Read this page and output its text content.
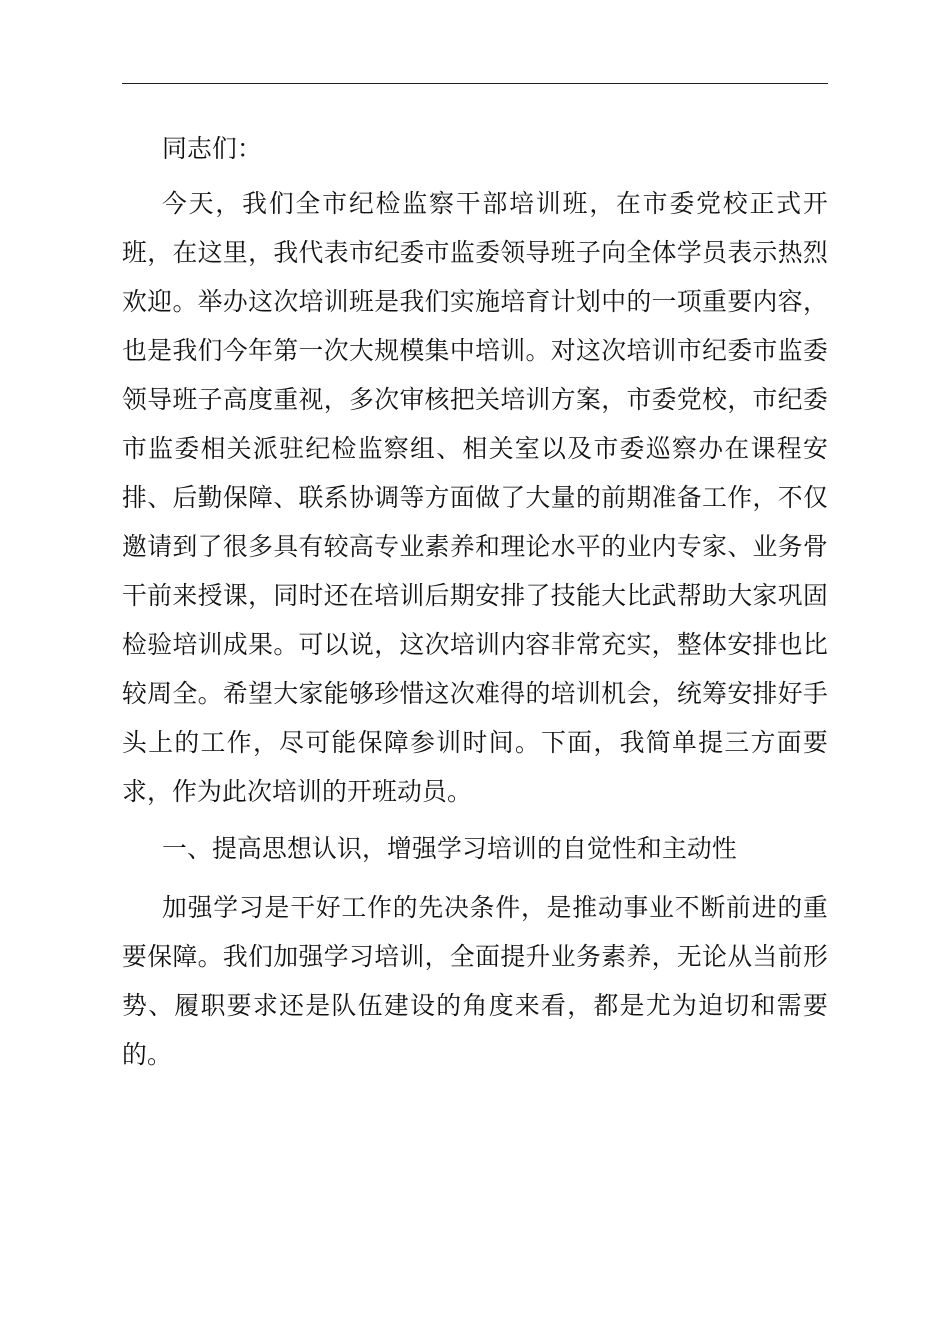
同志们：

今天，我们全市纪检监察干部培训班，在市委党校正式开班，在这里，我代表市纪委市监委领导班子向全体学员表示热烈欢迎。举办这次培训班是我们实施培育计划中的一项重要内容，也是我们今年第一次大规模集中培训。对这次培训市纪委市监委领导班子高度重视，多次审核把关培训方案，市委党校，市纪委市监委相关派驻纪检监察组、相关室以及市委巡察办在课程安排、后勤保障、联系协调等方面做了大量的前期准备工作，不仅邀请到了很多具有较高专业素养和理论水平的业内专家、业务骨干前来授课，同时还在培训后期安排了技能大比武帮助大家巩固检验培训成果。可以说，这次培训内容非常充实，整体安排也比较周全。希望大家能够珍惜这次难得的培训机会，统筹安排好手头上的工作，尽可能保障参训时间。下面，我简单提三方面要求，作为此次培训的开班动员。

一、提高思想认识，增强学习培训的自觉性和主动性

加强学习是干好工作的先决条件，是推动事业不断前进的重要保障。我们加强学习培训，全面提升业务素养，无论从当前形势、履职要求还是队伍建设的角度来看，都是尤为迫切和需要的。
